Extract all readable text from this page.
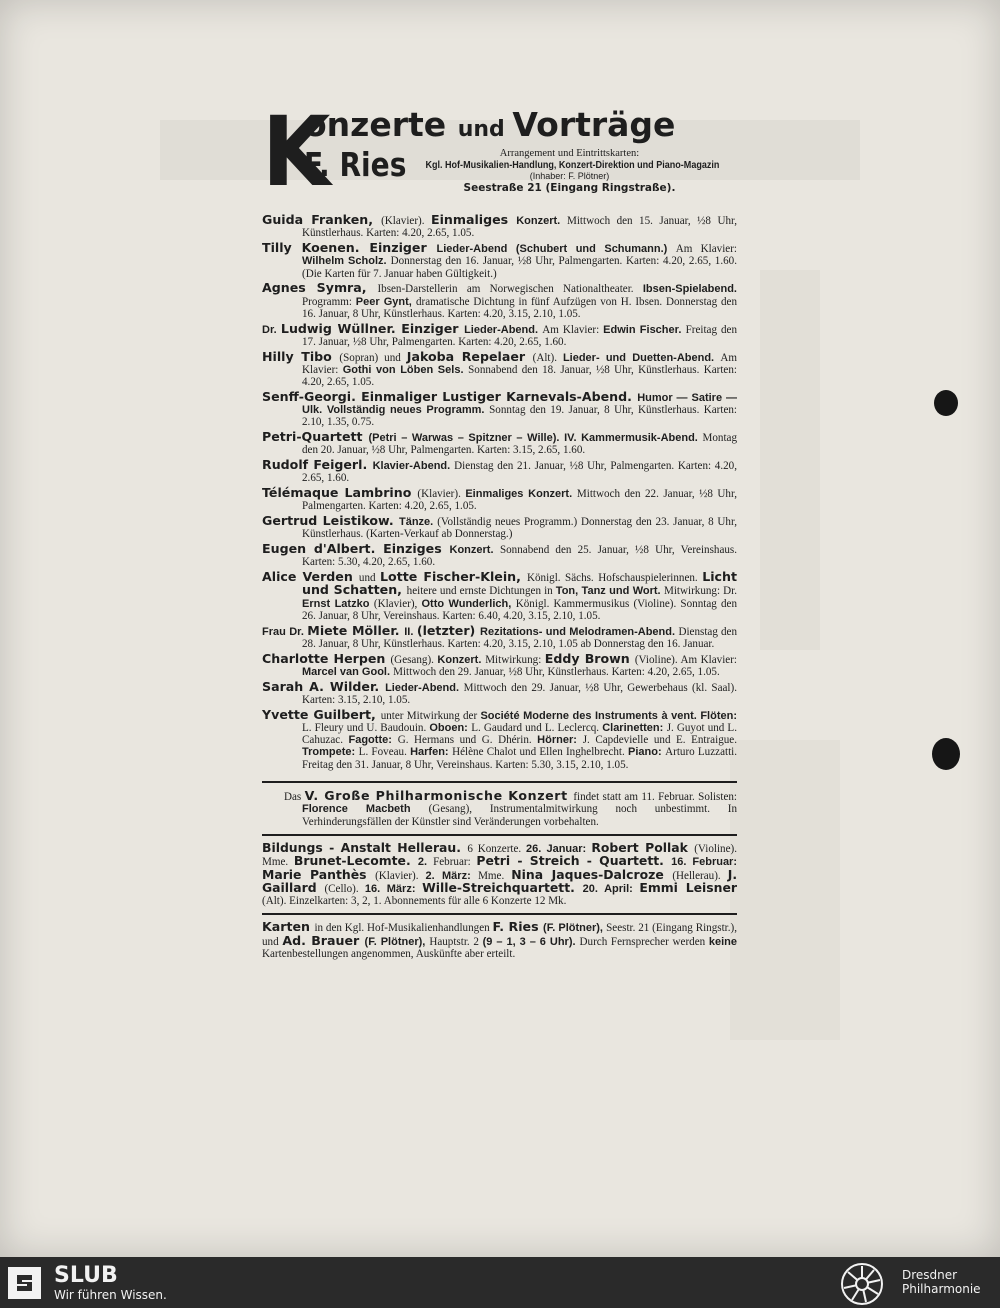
K
onzerte und Vorträge
F. Ries	Arrangement und Eintrittskarten:
Kgl. Hof-Musikalien-Handlung, Konzert-Direktion und Piano-Magazin
(Inhaber: F. Plötner)
Seestraße 21 (Eingang Ringstraße).
Guida Franken, (Klavier). Einmaliges Konzert. Mittwoch den 15. Januar, ½8 Uhr, Künstlerhaus. Karten: 4.20, 2.65, 1.05.
Tilly Koenen. Einziger Lieder-Abend (Schubert und Schumann.) Am Klavier: Wilhelm Scholz. Donnerstag den 16. Januar, ½8 Uhr, Palmengarten. Karten: 4.20, 2.65, 1.60. (Die Karten für 7. Januar haben Gültigkeit.)
Agnes Symra, Ibsen-Darstellerin am Norwegischen Nationaltheater. Ibsen-Spielabend. Programm: Peer Gynt, dramatische Dichtung in fünf Aufzügen von H. Ibsen. Donnerstag den 16. Januar, 8 Uhr, Künstlerhaus. Karten: 4.20, 3.15, 2.10, 1.05.
Dr. Ludwig Wüllner. Einziger Lieder-Abend. Am Klavier: Edwin Fischer. Freitag den 17. Januar, ½8 Uhr, Palmengarten. Karten: 4.20, 2.65, 1.60.
Hilly Tibo (Sopran) und Jakoba Repelaer (Alt). Lieder- und Duetten-Abend. Am Klavier: Gothi von Löben Sels. Sonnabend den 18. Januar, ½8 Uhr, Künstlerhaus. Karten: 4.20, 2.65, 1.05.
Senff-Georgi. Einmaliger Lustiger Karnevals-Abend. Humor — Satire — Ulk. Vollständig neues Programm. Sonntag den 19. Januar, 8 Uhr, Künstlerhaus. Karten: 2.10, 1.35, 0.75.
Petri-Quartett (Petri – Warwas – Spitzner – Wille). IV. Kammermusik-Abend. Montag den 20. Januar, ½8 Uhr, Palmengarten. Karten: 3.15, 2.65, 1.60.
Rudolf Feigerl. Klavier-Abend. Dienstag den 21. Januar, ½8 Uhr, Palmengarten. Karten: 4.20, 2.65, 1.60.
Télémaque Lambrino (Klavier). Einmaliges Konzert. Mittwoch den 22. Januar, ½8 Uhr, Palmengarten. Karten: 4.20, 2.65, 1.05.
Gertrud Leistikow. Tänze. (Vollständig neues Programm.) Donnerstag den 23. Januar, 8 Uhr, Künstlerhaus. (Karten-Verkauf ab Donnerstag.)
Eugen d'Albert. Einziges Konzert. Sonnabend den 25. Januar, ½8 Uhr, Vereinshaus. Karten: 5.30, 4.20, 2.65, 1.60.
Alice Verden und Lotte Fischer-Klein, Königl. Sächs. Hofschauspielerinnen. Licht und Schatten, heitere und ernste Dichtungen in Ton, Tanz und Wort. Mitwirkung: Dr. Ernst Latzko (Klavier), Otto Wunderlich, Königl. Kammermusikus (Violine). Sonntag den 26. Januar, 8 Uhr, Vereinshaus. Karten: 6.40, 4.20, 3.15, 2.10, 1.05.
Frau Dr. Miete Möller. II. (letzter) Rezitations- und Melodramen-Abend. Dienstag den 28. Januar, 8 Uhr, Künstlerhaus. Karten: 4.20, 3.15, 2.10, 1.05 ab Donnerstag den 16. Januar.
Charlotte Herpen (Gesang). Konzert. Mitwirkung: Eddy Brown (Violine). Am Klavier: Marcel van Gool. Mittwoch den 29. Januar, ½8 Uhr, Künstlerhaus. Karten: 4.20, 2.65, 1.05.
Sarah A. Wilder. Lieder-Abend. Mittwoch den 29. Januar, ½8 Uhr, Gewerbehaus (kl. Saal). Karten: 3.15, 2.10, 1.05.
Yvette Guilbert, unter Mitwirkung der Société Moderne des Instruments à vent. Flöten: L. Fleury und U. Baudouin. Oboen: L. Gaudard und L. Leclercq. Clarinetten: J. Guyot und L. Cahuzac. Fagotte: G. Hermans und G. Dhérin. Hörner: J. Capdevielle und E. Entraigue. Trompete: L. Foveau. Harfen: Hélène Chalot und Ellen Inghelbrecht. Piano: Arturo Luzzatti. Freitag den 31. Januar, 8 Uhr, Vereinshaus. Karten: 5.30, 3.15, 2.10, 1.05.
Das V. Große Philharmonische Konzert findet statt am 11. Februar. Solisten: Florence Macbeth (Gesang), Instrumentalmitwirkung noch unbestimmt. In Verhinderungsfällen der Künstler sind Veränderungen vorbehalten.
Bildungs - Anstalt Hellerau. 6 Konzerte. 26. Januar: Robert Pollak (Violine). Mme. Brunet-Lecomte. 2. Februar: Petri - Streich - Quartett. 16. Februar: Marie Panthès (Klavier). 2. März: Mme. Nina Jaques-Dalcroze (Hellerau). J. Gaillard (Cello). 16. März: Wille-Streichquartett. 20. April: Emmi Leisner (Alt). Einzelkarten: 3, 2, 1. Abonnements für alle 6 Konzerte 12 Mk.
Karten in den Kgl. Hof-Musikalienhandlungen F. Ries (F. Plötner), Seestr. 21 (Eingang Ringstr.), und Ad. Brauer (F. Plötner), Hauptstr. 2 (9 – 1, 3 – 6 Uhr). Durch Fernsprecher werden keine Kartenbestellungen angenommen, Auskünfte aber erteilt.
SLUB
Wir führen Wissen.
Dresdner
Philharmonie
